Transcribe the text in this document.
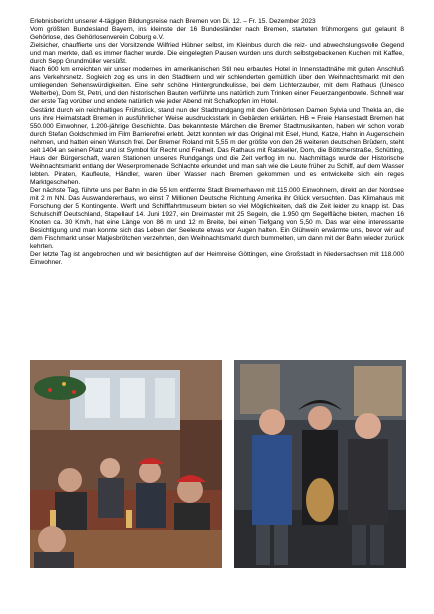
Erlebnisbericht unserer 4-tägigen Bildungsreise nach Bremen von Di. 12. – Fr. 15. Dezember 2023

Vom größten Bundesland Bayern, ins kleinste der 16 Bundesländer nach Bremen, starteten frühmorgens gut gelaunt 8 Gehörlose, des Gehörlosenverein Coburg e.V.

Zielsicher, chauffierte uns der Vorsitzende Wilfried Hübner selbst, im Kleinbus durch die reiz- und abwechslungsvolle Gegend und man merkte, daß es immer flacher wurde. Die eingelegten Pausen wurden uns durch selbstgebackenen Kuchen mit Kaffee, durch Sepp Grundmüller versüßt.

Nach 600 km erreichten wir unser modernes im amerikanischen Stil neu erbautes Hotel in Innenstadtnähe mit guten Anschluß ans Verkehrsnetz. Sogleich zog es uns in den Stadtkern und wir schlenderten gemütlich über den Weihnachtsmarkt mit den umliegenden Sehenswürdigkeiten. Eine sehr schöne Hintergrundkulisse, bei dem Lichterzauber, mit dem Rathaus (Unesco Welterbe), Dom St, Petri, und den historischen Bauten verführte uns natürlich zum Trinken einer Feuerzangenbowle. Schnell war der erste Tag vorüber und endete natürlich wie jeder Abend mit Schafkopfen im Hotel.

Gestärkt durch ein reichhaltiges Frühstück, stand nun der Stadtrundgang mit den Gehörlosen Damen Sylvia und Thekla an, die uns ihre Heimatstadt Bremen in ausführlicher Weise ausdrucksstark in Gebärden erklärten. HB = Freie Hansestadt Bremen hat 550.000 Einwohner, 1.200-jährige Geschichte. Das bekannteste Märchen die Bremer Stadtmusikanten, haben wir schon vorab durch Stefan Goldschmied im Film Barrierefrei erlebt. Jetzt konnten wir das Original mit Esel, Hund, Katze, Hahn in Augenschein nehmen, und hatten einen Wunsch frei. Der Bremer Roland mit 5,55 m der größte von den 26 weiteren deutschen Brüdern, steht seit 1404 an seinen Platz und ist Symbol für Recht und Freiheit. Das Rathaus mit Ratskeller, Dom, die Böttcherstraße, Schütting, Haus der Bürgerschaft, waren Stationen unseres Rundgangs und die Zeit verflog im nu. Nachmittags wurde der Historische Weihnachtsmarkt entlang der Weserpromenade Schlachte erkundet und man sah wie die Leute früher zu Schiff, auf dem Wasser lebten. Piraten, Kaufleute, Händler, waren über Wasser nach Bremen gekommen und es entwickelte sich ein reges Marktgeschehen.

Der nächste Tag, führte uns per Bahn in die 55 km entfernte Stadt Bremerhaven mit 115.000 Einwohnern, direkt an der Nordsee mit 2 m NN. Das Auswandererhaus, wo einst 7 Millionen Deutsche Richtung Amerika ihr Glück versuchten. Das Klimahaus mit Forschung der 5 Kontingente. Werft und Schifffahrtmuseum bieten so viel Möglichkeiten, daß die Zeit leider zu knapp ist. Das Schulschiff Deutschland, Stapellauf 14. Juni 1927, ein Dreimaster mit 25 Segeln, die 1.950 qm Segelfläche bieten, machen 16 Knoten ca. 30 Km/h, hat eine Länge von 86 m und 12 m Breite, bei einen Tiefgang von 5,50 m. Das war eine interessante Besichtigung und man konnte sich das Leben der Seeleute etwas vor Augen halten. Ein Glühwein erwärmte uns, bevor wir auf dem Fischmarkt unser Matjesbrötchen verzehrten, den Weihnachtsmarkt durch bummelten, um dann mit der Bahn wieder zurück kehrten.

Der letzte Tag ist angebrochen und wir besichtigten auf der Heimreise Göttingen, eine Großstadt in Niedersachsen mit 118.000 Einwohner.
